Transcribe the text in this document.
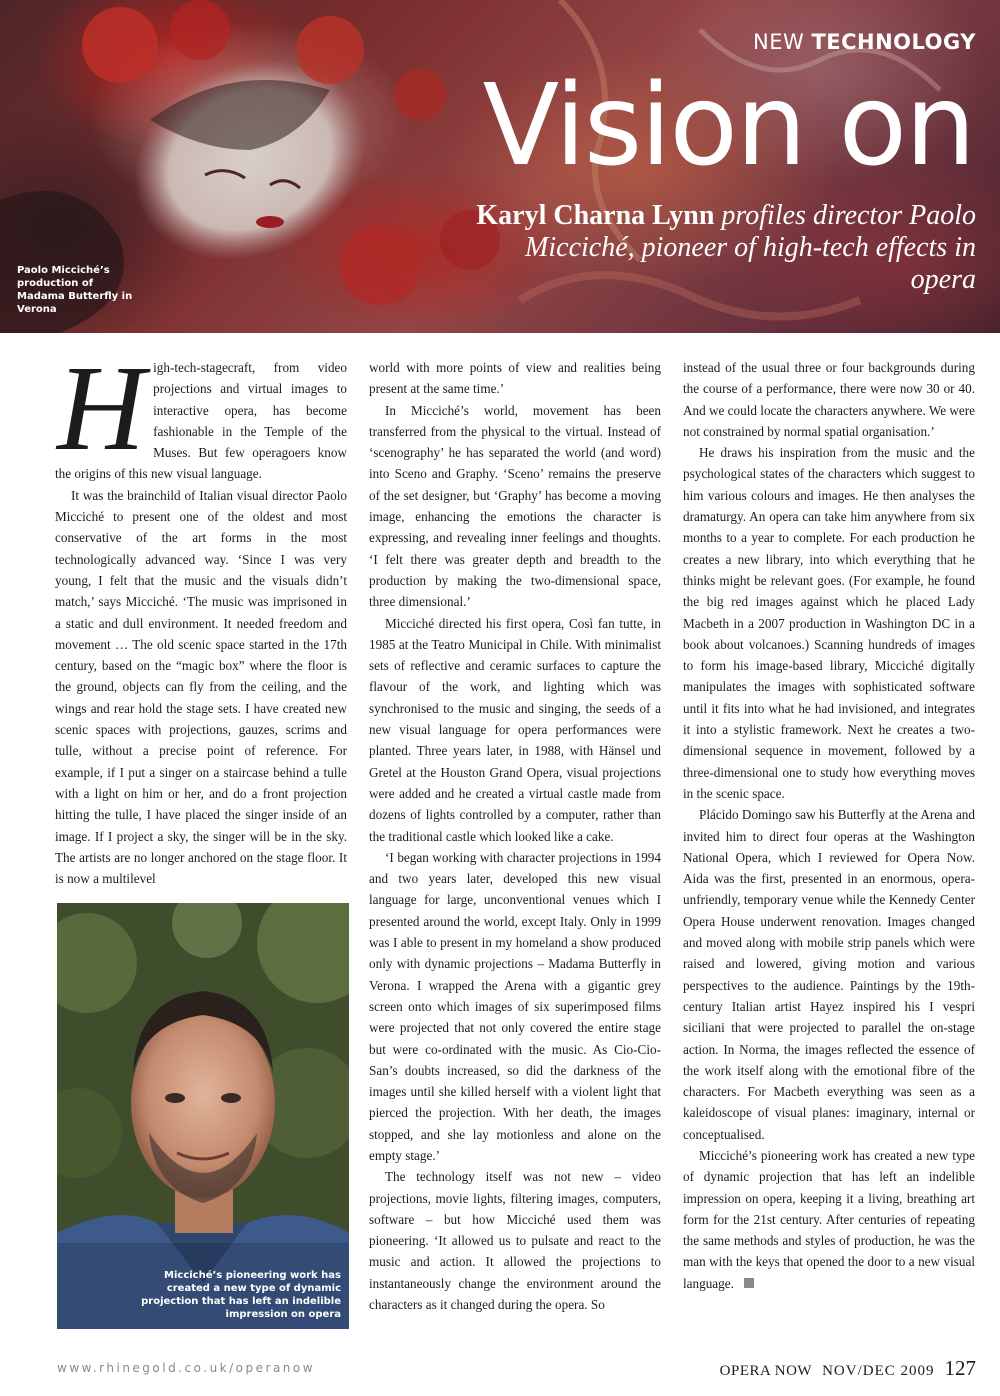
NEW TECHNOLOGY
Vision on
Karyl Charna Lynn profiles director Paolo Micciché, pioneer of high-tech effects in opera
Paolo Micciché’s production of Madama Butterfly in Verona

High-tech-stagecraft, from video projections and virtual images to interactive opera, has become fashionable in the Temple of the Muses. But few operagoers know the origins of this new visual language.

It was the brainchild of Italian visual director Paolo Micciché to present one of the oldest and most conservative of the art forms in the most technologically advanced way. ‘Since I was very young, I felt that the music and the visuals didn’t match,’ says Micciché. ‘The music was imprisoned in a static and dull environment. It needed freedom and movement … The old scenic space started in the 17th century, based on the “magic box” where the floor is the ground, objects can fly from the ceiling, and the wings and rear hold the stage sets. I have created new scenic spaces with projections, gauzes, scrims and tulle, without a precise point of reference. For example, if I put a singer on a staircase behind a tulle with a light on him or her, and do a front projection hitting the tulle, I have placed the singer inside of an image. If I project a sky, the singer will be in the sky. The artists are no longer anchored on the stage floor. It is now a multilevel

Micciché’s pioneering work has created a new type of dynamic projection that has left an indelible impression on opera

world with more points of view and realities being present at the same time.’

In Micciché’s world, movement has been transferred from the physical to the virtual. Instead of ‘scenography’ he has separated the world (and word) into Sceno and Graphy. ‘Sceno’ remains the preserve of the set designer, but ‘Graphy’ has become a moving image, enhancing the emotions the character is expressing, and revealing inner feelings and thoughts. ‘I felt there was greater depth and breadth to the production by making the two-dimensional space, three dimensional.’

Micciché directed his first opera, Così fan tutte, in 1985 at the Teatro Municipal in Chile. With minimalist sets of reflective and ceramic surfaces to capture the flavour of the work, and lighting which was synchronised to the music and singing, the seeds of a new visual language for opera performances were planted. Three years later, in 1988, with Hänsel und Gretel at the Houston Grand Opera, visual projections were added and he created a virtual castle made from dozens of lights controlled by a computer, rather than the traditional castle which looked like a cake.

‘I began working with character projections in 1994 and two years later, developed this new visual language for large, unconventional venues which I presented around the world, except Italy. Only in 1999 was I able to present in my homeland a show produced only with dynamic projections – Madama Butterfly in Verona. I wrapped the Arena with a gigantic grey screen onto which images of six superimposed films were projected that not only covered the entire stage but were co-ordinated with the music. As Cio-Cio-San’s doubts increased, so did the darkness of the images until she killed herself with a violent light that pierced the projection. With her death, the images stopped, and she lay motionless and alone on the empty stage.’

The technology itself was not new – video projections, movie lights, filtering images, computers, software – but how Micciché used them was pioneering. ‘It allowed us to pulsate and react to the music and action. It allowed the projections to instantaneously change the environment around the characters as it changed during the opera. So

instead of the usual three or four backgrounds during the course of a performance, there were now 30 or 40. And we could locate the characters anywhere. We were not constrained by normal spatial organisation.’

He draws his inspiration from the music and the psychological states of the characters which suggest to him various colours and images. He then analyses the dramaturgy. An opera can take him anywhere from six months to a year to complete. For each production he creates a new library, into which everything that he thinks might be relevant goes. (For example, he found the big red images against which he placed Lady Macbeth in a 2007 production in Washington DC in a book about volcanoes.) Scanning hundreds of images to form his image-based library, Micciché digitally manipulates the images with sophisticated software until it fits into what he had invisioned, and integrates it into a stylistic framework. Next he creates a two-dimensional sequence in movement, followed by a three-dimensional one to study how everything moves in the scenic space.

Plácido Domingo saw his Butterfly at the Arena and invited him to direct four operas at the Washington National Opera, which I reviewed for Opera Now. Aida was the first, presented in an enormous, opera-unfriendly, temporary venue while the Kennedy Center Opera House underwent renovation. Images changed and moved along with mobile strip panels which were raised and lowered, giving motion and various perspectives to the audience. Paintings by the 19th-century Italian artist Hayez inspired his I vespri siciliani that were projected to parallel the on-stage action. In Norma, the images reflected the essence of the work itself along with the emotional fibre of the characters. For Macbeth everything was seen as a kaleidoscope of visual planes: imaginary, internal or conceptualised.

Micciché’s pioneering work has created a new type of dynamic projection that has left an indelible impression on opera, keeping it a living, breathing art form for the 21st century. After centuries of repeating the same methods and styles of production, he was the man with the keys that opened the door to a new visual language.

www.rhinegold.co.uk/operanow	OPERA NOW NOV/DEC 2009 127
